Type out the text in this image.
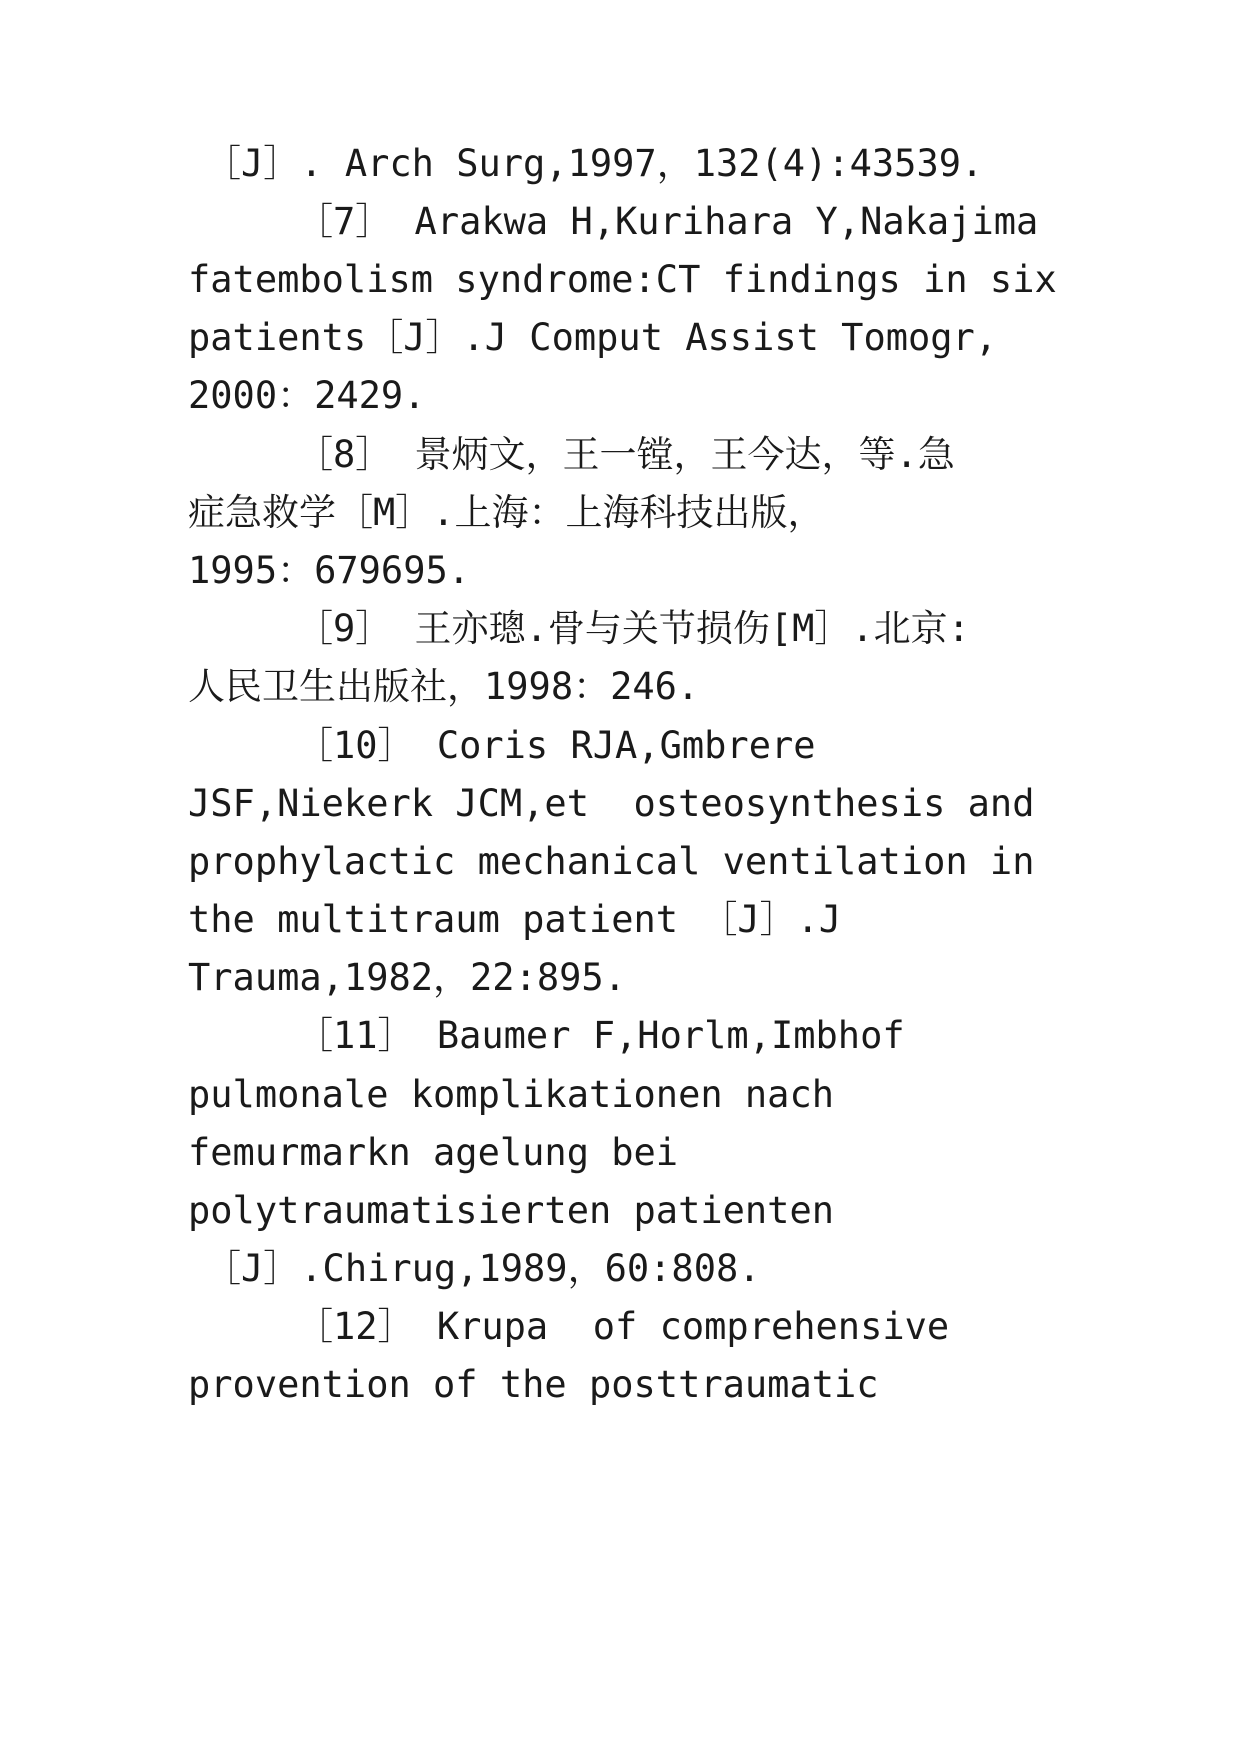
［J］. Arch Surg,1997，132(4):43539.
［7］ Arakwa H,Kurihara Y,Nakajima
fatembolism syndrome:CT findings in six
patients［J］.J Comput Assist Tomogr,
2000：2429.
［8］ 景炳文，王一镗，王今达，等.急
症急救学［M］.上海：上海科技出版，
1995：679695.
［9］ 王亦璁.骨与关节损伤[M］.北京:
人民卫生出版社，1998：246.
［10］ Coris RJA,Gmbrere
JSF,Niekerk JCM,et  osteosynthesis and
prophylactic mechanical ventilation in
the multitraum patient ［J］.J
Trauma,1982，22:895.
［11］ Baumer F,Horlm,Imbhof
pulmonale komplikationen nach
femurmarkn agelung bei
polytraumatisierten patienten
［J］.Chirug,1989，60:808.
［12］ Krupa  of comprehensive
provention of the posttraumatic
